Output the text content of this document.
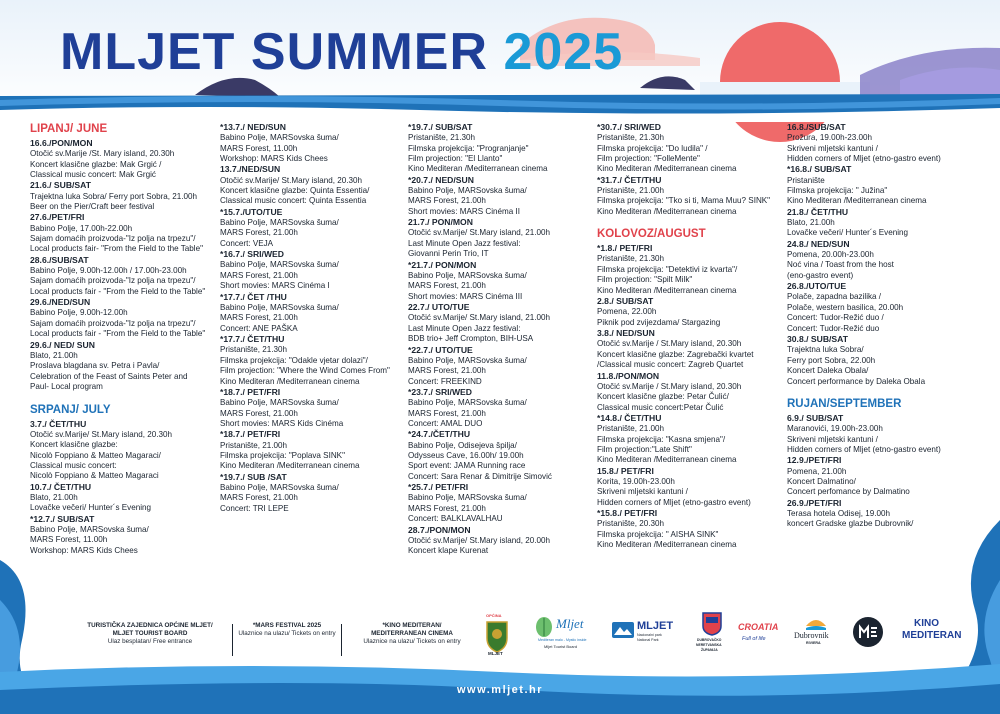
MLJET SUMMER 2025
LIPANJ/ JUNE
16.6./PON/MON
Otočić sv.Marije /St. Mary island, 20.30h
Koncert klasične glazbe: Mak Grgić /
Classical music concert: Mak Grgić
21.6./ SUB/SAT
Trajektna luka Sobra/ Ferry port Sobra, 21.00h
Beer on the Pier/Craft beer festival
27.6./PET/FRI
Babino Polje, 17.00h-22.00h
Sajam domaćih proizvoda-"Iz polja na trpezu"/
Local products fair- "From the Field to the Table"
28.6./SUB/SAT
Babino Polje, 9.00h-12.00h / 17.00h-23.00h
Sajam domaćih proizvoda-"Iz polja na trpezu"/
Local products fair - "From the Field to the Table"
29.6./NED/SUN
Babino Polje, 9.00h-12.00h
Sajam domaćih proizvoda-"Iz polja na trpezu"/
Local products fair - "From the Field to the Table"
29.6./ NED/ SUN
Blato, 21.00h
Proslava blagdana sv. Petra i Pavla/
Celebration of the Feast of Saints Peter and
Paul- Local program
SRPANJ/ JULY
3.7./ ČET/THU
Otočić sv.Marije/ St.Mary island, 20.30h
Koncert klasične glazbe:
Nicolò Foppiano & Matteo Magaraci/
Classical music concert:
Nicolò Foppiano & Matteo Magaraci
10.7./ ČET/THU
Blato, 21.00h
Lovačke večeri/ Hunter´s Evening
*12.7./ SUB/SAT
Babino Polje, MARSovska šuma/
MARS Forest, 11.00h
Workshop: MARS Kids Chees
*13.7./ NED/SUN
Babino Polje, MARSovska šuma/
MARS Forest, 11.00h
Workshop: MARS Kids Chees
13.7./NED/SUN
Otočić sv.Marije/ St.Mary island, 20.30h
Koncert klasične glazbe: Quinta Essentia/
Classical music concert: Quinta Essentia
*15.7./UTO/TUE
Babino Polje, MARSovska šuma/
MARS Forest, 21.00h
Concert: VEJA
*16.7./ SRI/WED
Babino Polje, MARSovska šuma/
MARS Forest, 21.00h
Short movies: MARS Cinéma I
*17.7./ ČET /THU
Babino Polje, MARSovska šuma/
MARS Forest, 21.00h
Concert: ANE PAŠKA
*17.7./ ČET/THU
Pristanište, 21.30h
Filmska projekcija: "Odakle vjetar dolazi"/
Film projection: "Where the Wind Comes From"
Kino Mediteran /Mediterranean cinema
*18.7./ PET/FRI
Babino Polje, MARSovska šuma/
MARS Forest, 21.00h
Short movies: MARS Kids Cinéma
*18.7./ PET/FRI
Pristanište, 21.00h
Filmska projekcija: "Poplava SINK"
Kino Mediteran /Mediterranean cinema
*19.7./ SUB /SAT
Babino Polje, MARSovska šuma/
MARS Forest, 21.00h
Concert: TRI LEPE
*19.7./ SUB/SAT
Pristanište, 21.30h
Filmska projekcija: "Progranjanje"
Film projection: "El Llanto"
Kino Mediteran /Mediterranean cinema
*20.7./ NED/SUN
Babino Polje, MARSovska šuma/
MARS Forest, 21.00h
Short movies: MARS Cinéma II
21.7./ PON/MON
Otočić sv.Marije/ St.Mary island, 21.00h
Last Minute Open Jazz festival:
Giovanni Perin Trio, IT
*21.7./ PON/MON
Babino Polje, MARSovska šuma/
MARS Forest, 21.00h
Short movies: MARS Cinéma III
22.7./ UTO/TUE
Otočić sv.Marije/ St.Mary island, 21.00h
Last Minute Open Jazz festival:
BDB trio+ Jeff Crompton, BIH-USA
*22.7./ UTO/TUE
Babino Polje, MARSovska šuma/
MARS Forest, 21.00h
Concert: FREEKIND
*23.7./ SRI/WED
Babino Polje, MARSovska šuma/
MARS Forest, 21.00h
Concert: AMAL DUO
*24.7./ČET/THU
Babino Polje, Odisejeva špilja/
Odysseus Cave, 16.00h/ 19.00h
Sport event: JAMA Running race
Concert: Sara Renar & Dimitrije Simović
*25.7./ PET/FRI
Babino Polje, MARSovska šuma/
MARS Forest, 21.00h
Concert: BALKLAVALHAU
28.7./PON/MON
Otočić sv.Marije/ St.Mary island, 20.00h
Koncert klape Kurenat
*30.7./ SRI/WED
Pristanište, 21.30h
Filmska projekcija: "Do ludila" /
Film projection: "FolleMente"
Kino Mediteran /Mediterranean cinema
*31.7./ ČET/THU
Pristanište, 21.00h
Filmska projekcija: "Tko si ti, Mama Muu? SINK"
Kino Mediteran /Mediterranean cinema
KOLOVOZ/AUGUST
*1.8./ PET/FRI
Pristanište, 21.30h
Filmska projekcija: "Detektivi iz kvarta"/
Film projection: "Spilt Milk"
Kino Mediteran /Mediterranean cinema
2.8./ SUB/SAT
Pomena, 22.00h
Piknik pod zvijezdama/ Stargazing
3.8./ NED/SUN
Otočić sv.Marije / St.Mary island, 20.30h
Koncert klasične glazbe: Zagrebački kvartet
/Classical music concert: Zagreb Quartet
11.8./PON/MON
Otočić sv.Marije / St.Mary island, 20.30h
Koncert klasične glazbe: Petar Čulić/
Classical music concert:Petar Čulić
*14.8./ ČET/THU
Pristanište, 21.00h
Filmska projekcija: "Kasna smjena"/
Film projection:"Late Shift"
Kino Mediteran /Mediterranean cinema
15.8./ PET/FRI
Korita, 19.00h-23.00h
Skriveni mljetski kantuni /
Hidden corners of Mljet (etno-gastro event)
*15.8./ PET/FRI
Pristanište, 20.30h
Filmska projekcija: " AISHA SINK"
Kino Mediteran /Mediterranean cinema
16.8./SUB/SAT
Prožura, 19.00h-23.00h
Skriveni mljetski kantuni /
Hidden corners of Mljet (etno-gastro event)
*16.8./ SUB/SAT
Pristanište
Filmska projekcija: " Južina"
Kino Mediteran /Mediterranean cinema
21.8./ ČET/THU
Blato, 21.00h
Lovačke večeri/ Hunter´s Evening
24.8./ NED/SUN
Pomena, 20.00h-23.00h
Noć vina / Toast from the host
(eno-gastro event)
26.8./UTO/TUE
Polače, zapadna bazilika /
Polače, western basilica, 20.00h
Concert: Tudor-Režić duo /
Concert: Tudor-Režić duo
30.8./ SUB/SAT
Trajektna luka Sobra/
Ferry port Sobra, 22.00h
Koncert Daleka Obala/
Concert performance by Daleka Obala
RUJAN/SEPTEMBER
6.9./ SUB/SAT
Maranovići, 19.00h-23.00h
Skriveni mljetski kantuni /
Hidden corners of Mljet (etno-gastro event)
12.9./PET/FRI
Pomena, 21.00h
Koncert Dalmatino/
Concert perfomance by Dalmatino
26.9./PET/FRI
Terasa hotela Odisej, 19.00h
koncert Gradske glazbe Dubrovnik/
TURISTIČKA ZAJEDNICA OPĆINE MLJET/
MLJET TOURIST BOARD
Ulaz besplatan/ Free entrance
*MARS FESTIVAL 2025
Ulaznice na ulazu/ Tickets on entry
*KINO MEDITERAN/
MEDITERRANEAN CINEMA
Ulaznice na ulazu/ Tickets on entry
OPĆINA
MLJET
Mljet
Mediteran malo - Mystic inside
Mljet Tourist Board
MLJET
Nacionalni park
National Park	DUBROVAČKO
NERETVANSKA
ŽUPANIJA
CROATIA
Full of life	Dubrovnik
RIVIERA
KINO
MEDITERAN
www.mljet.hr
